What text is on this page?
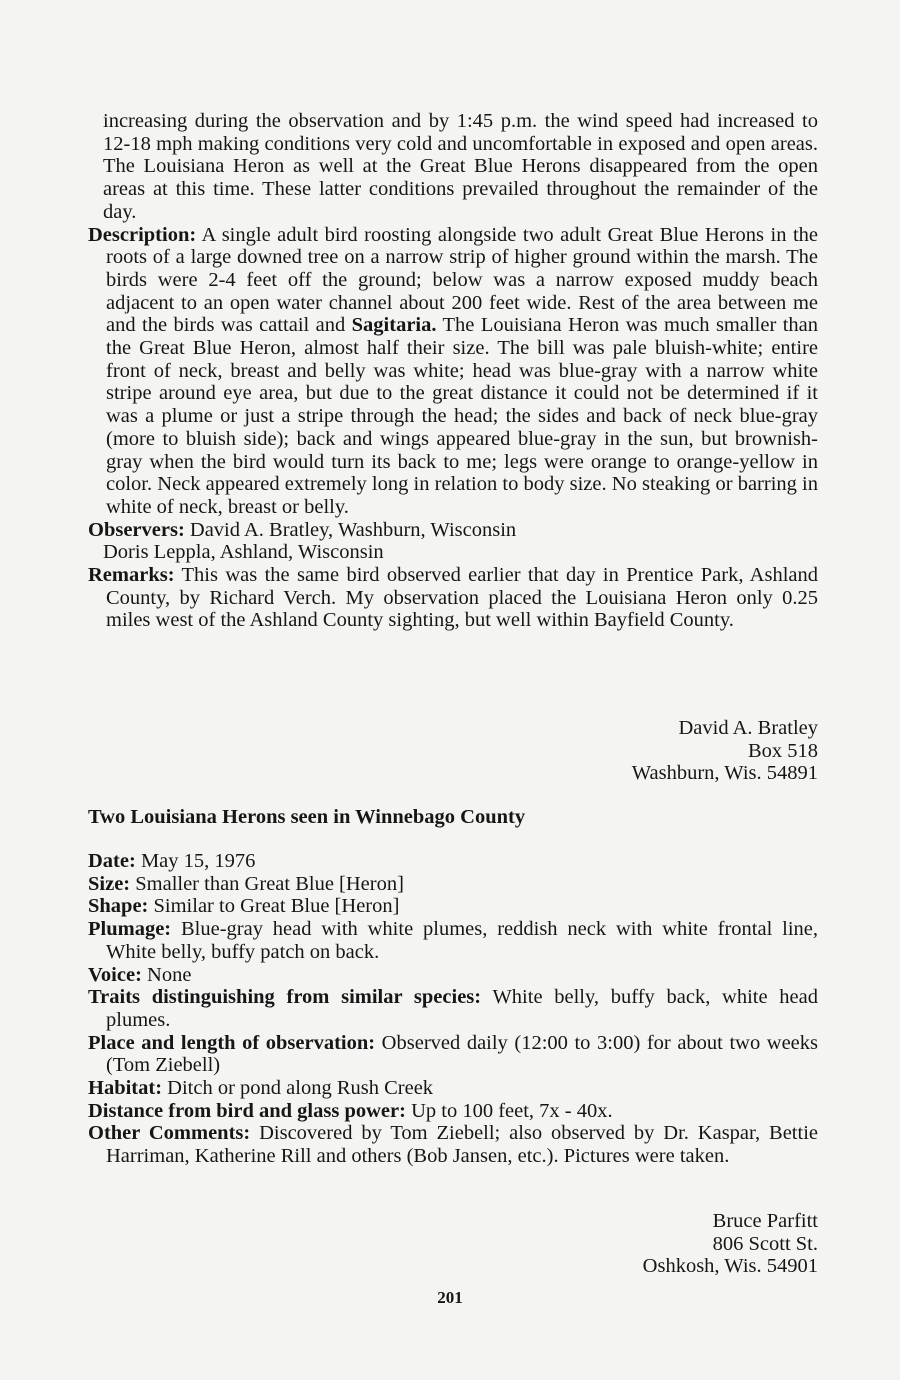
increasing during the observation and by 1:45 p.m. the wind speed had increased to 12-18 mph making conditions very cold and uncomfortable in exposed and open areas. The Louisiana Heron as well at the Great Blue Herons disappeared from the open areas at this time. These latter conditions prevailed throughout the remainder of the day.

Description: A single adult bird roosting alongside two adult Great Blue Herons in the roots of a large downed tree on a narrow strip of higher ground within the marsh. The birds were 2-4 feet off the ground; below was a narrow exposed muddy beach adjacent to an open water channel about 200 feet wide. Rest of the area between me and the birds was cattail and Sagitaria. The Louisiana Heron was much smaller than the Great Blue Heron, almost half their size. The bill was pale bluish-white; entire front of neck, breast and belly was white; head was blue-gray with a narrow white stripe around eye area, but due to the great distance it could not be determined if it was a plume or just a stripe through the head; the sides and back of neck blue-gray (more to bluish side); back and wings appeared blue-gray in the sun, but brownish-gray when the bird would turn its back to me; legs were orange to orange-yellow in color. Neck appeared extremely long in relation to body size. No steaking or barring in white of neck, breast or belly.

Observers: David A. Bratley, Washburn, Wisconsin

Doris Leppla, Ashland, Wisconsin

Remarks: This was the same bird observed earlier that day in Prentice Park, Ashland County, by Richard Verch. My observation placed the Louisiana Heron only 0.25 miles west of the Ashland County sighting, but well within Bayfield County.

David A. Bratley
Box 518
Washburn, Wis. 54891

Two Louisiana Herons seen in Winnebago County

Date: May 15, 1976

Size: Smaller than Great Blue [Heron]

Shape: Similar to Great Blue [Heron]

Plumage: Blue-gray head with white plumes, reddish neck with white frontal line, White belly, buffy patch on back.

Voice: None

Traits distinguishing from similar species: White belly, buffy back, white head plumes.

Place and length of observation: Observed daily (12:00 to 3:00) for about two weeks (Tom Ziebell)

Habitat: Ditch or pond along Rush Creek

Distance from bird and glass power: Up to 100 feet, 7x - 40x.

Other Comments: Discovered by Tom Ziebell; also observed by Dr. Kaspar, Bettie Harriman, Katherine Rill and others (Bob Jansen, etc.). Pictures were taken.

Bruce Parfitt
806 Scott St.
Oshkosh, Wis. 54901
201
